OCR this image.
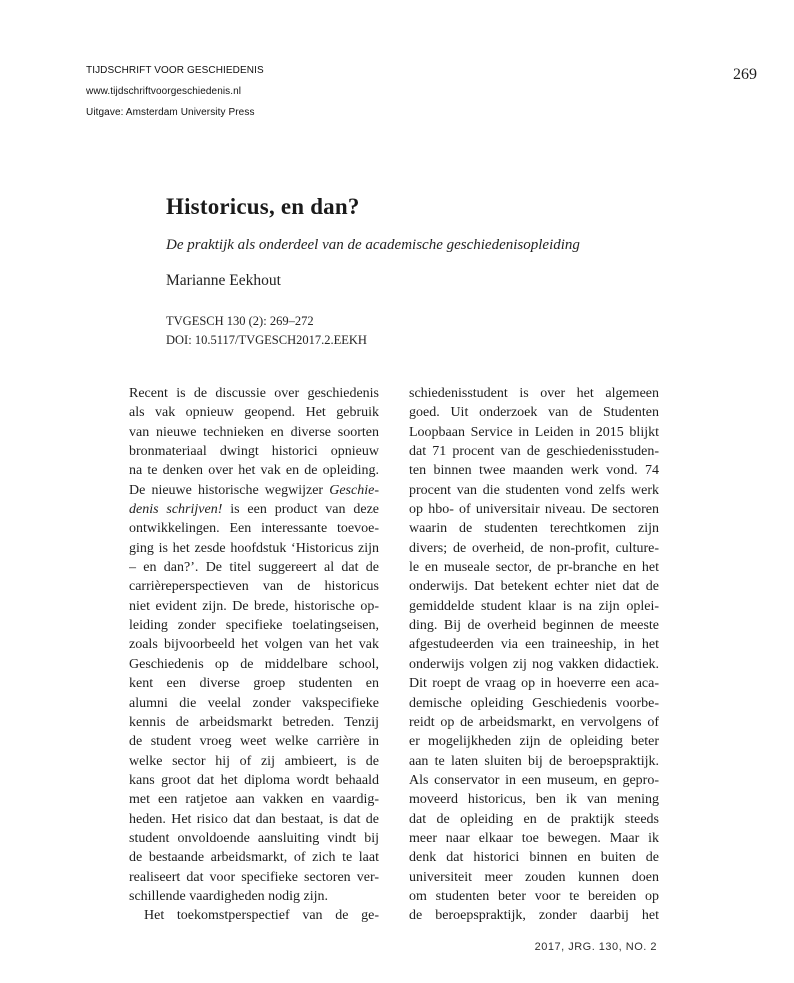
TIJDSCHRIFT VOOR GESCHIEDENIS
www.tijdschriftvoorgeschiedenis.nl
Uitgave: Amsterdam University Press
269
Historicus, en dan?
De praktijk als onderdeel van de academische geschiedenisopleiding
Marianne Eekhout
TVGESCH 130 (2): 269–272
DOI: 10.5117/TVGESCH2017.2.EEKH
Recent is de discussie over geschiedenis
als vak opnieuw geopend. Het gebruik
van nieuwe technieken en diverse soorten
bronmateriaal dwingt historici opnieuw
na te denken over het vak en de opleiding.
De nieuwe historische wegwijzer Geschie-
denis schrijven! is een product van deze
ontwikkelingen. Een interessante toevoe-
ging is het zesde hoofdstuk ‘Historicus zijn
– en dan?’. De titel suggereert al dat de
carrièreperspectieven van de historicus
niet evident zijn. De brede, historische op-
leiding zonder specifieke toelatingseisen,
zoals bijvoorbeeld het volgen van het vak
Geschiedenis op de middelbare school,
kent een diverse groep studenten en
alumni die veelal zonder vakspecifieke
kennis de arbeidsmarkt betreden. Tenzij
de student vroeg weet welke carrière in
welke sector hij of zij ambieert, is de
kans groot dat het diploma wordt behaald
met een ratjetoe aan vakken en vaardig-
heden. Het risico dat dan bestaat, is dat de
student onvoldoende aansluiting vindt bij
de bestaande arbeidsmarkt, of zich te laat
realiseert dat voor specifieke sectoren ver-
schillende vaardigheden nodig zijn.
Het toekomstperspectief van de ge-
schiedenisstudent is over het algemeen
goed. Uit onderzoek van de Studenten
Loopbaan Service in Leiden in 2015 blijkt
dat 71 procent van de geschiedenisstuden-
ten binnen twee maanden werk vond. 74
procent van die studenten vond zelfs werk
op hbo- of universitair niveau. De sectoren
waarin de studenten terechtkomen zijn
divers; de overheid, de non-profit, culture-
le en museale sector, de pr-branche en het
onderwijs. Dat betekent echter niet dat de
gemiddelde student klaar is na zijn oplei-
ding. Bij de overheid beginnen de meeste
afgestudeerden via een traineeship, in het
onderwijs volgen zij nog vakken didactiek.
Dit roept de vraag op in hoeverre een aca-
demische opleiding Geschiedenis voorbe-
reidt op de arbeidsmarkt, en vervolgens of
er mogelijkheden zijn de opleiding beter
aan te laten sluiten bij de beroepspraktijk.
Als conservator in een museum, en gepro-
moveerd historicus, ben ik van mening
dat de opleiding en de praktijk steeds
meer naar elkaar toe bewegen. Maar ik
denk dat historici binnen en buiten de
universiteit meer zouden kunnen doen
om studenten beter voor te bereiden op
de beroepspraktijk, zonder daarbij het
2017, JRG. 130, NO. 2
